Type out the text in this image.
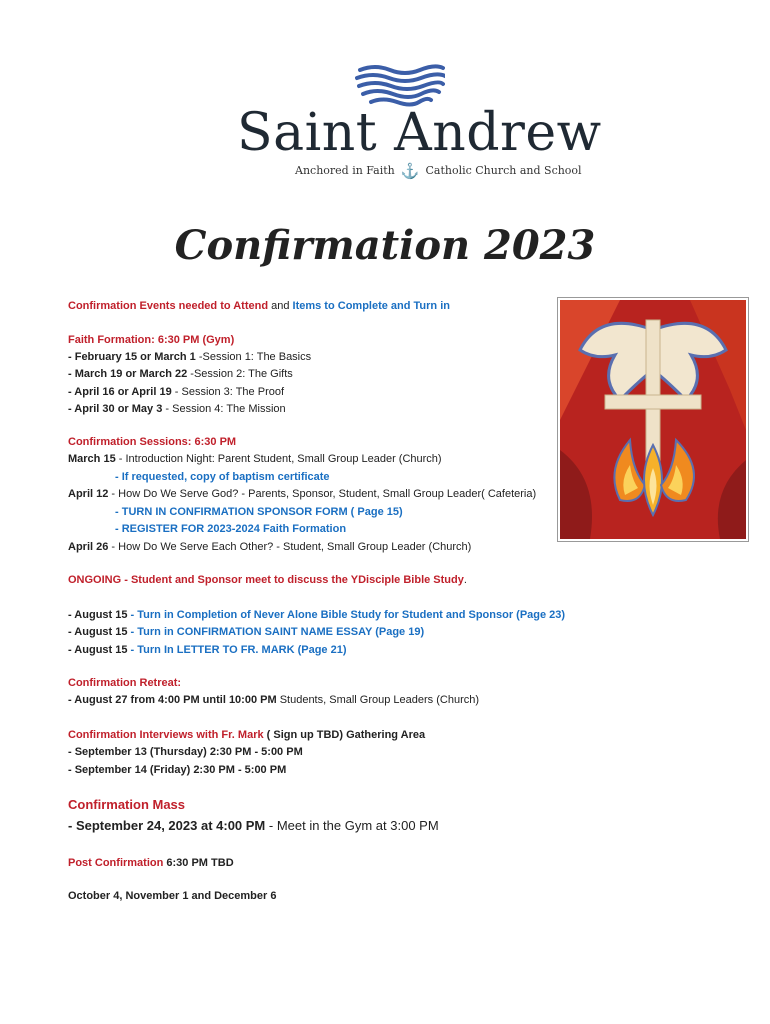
Saint Andrew
Anchored in Faith ⚓ Catholic Church and School
Confirmation 2023
Confirmation Events needed to Attend and Items to Complete and Turn in
Faith Formation: 6:30 PM (Gym)
- February 15 or March 1 -Session 1: The Basics
- March 19 or March 22 -Session 2: The Gifts
- April 16 or April 19 - Session 3: The Proof
- April 30 or May 3 - Session 4: The Mission
Confirmation Sessions: 6:30 PM
March 15 - Introduction Night: Parent Student, Small Group Leader (Church)
- If requested, copy of baptism certificate
April 12 - How Do We Serve God? - Parents, Sponsor, Student, Small Group Leader( Cafeteria)
- TURN IN CONFIRMATION SPONSOR FORM ( Page 15)
- REGISTER FOR 2023-2024 Faith Formation
April 26 - How Do We Serve Each Other? - Student, Small Group Leader (Church)
ONGOING - Student and Sponsor meet to discuss the YDisciple Bible Study.
- August 15 - Turn in Completion of Never Alone Bible Study for Student and Sponsor (Page 23)
- August 15 - Turn in CONFIRMATION SAINT NAME ESSAY (Page 19)
- August 15 - Turn In LETTER TO FR. MARK (Page 21)
Confirmation Retreat:
- August 27 from 4:00 PM until 10:00 PM Students, Small Group Leaders (Church)
Confirmation Interviews with Fr. Mark ( Sign up TBD) Gathering Area
- September 13 (Thursday) 2:30 PM - 5:00 PM
- September 14 (Friday) 2:30 PM - 5:00 PM
Confirmation Mass
- September 24, 2023 at 4:00 PM - Meet in the Gym at 3:00 PM
Post Confirmation 6:30 PM TBD
October 4, November 1 and December 6
